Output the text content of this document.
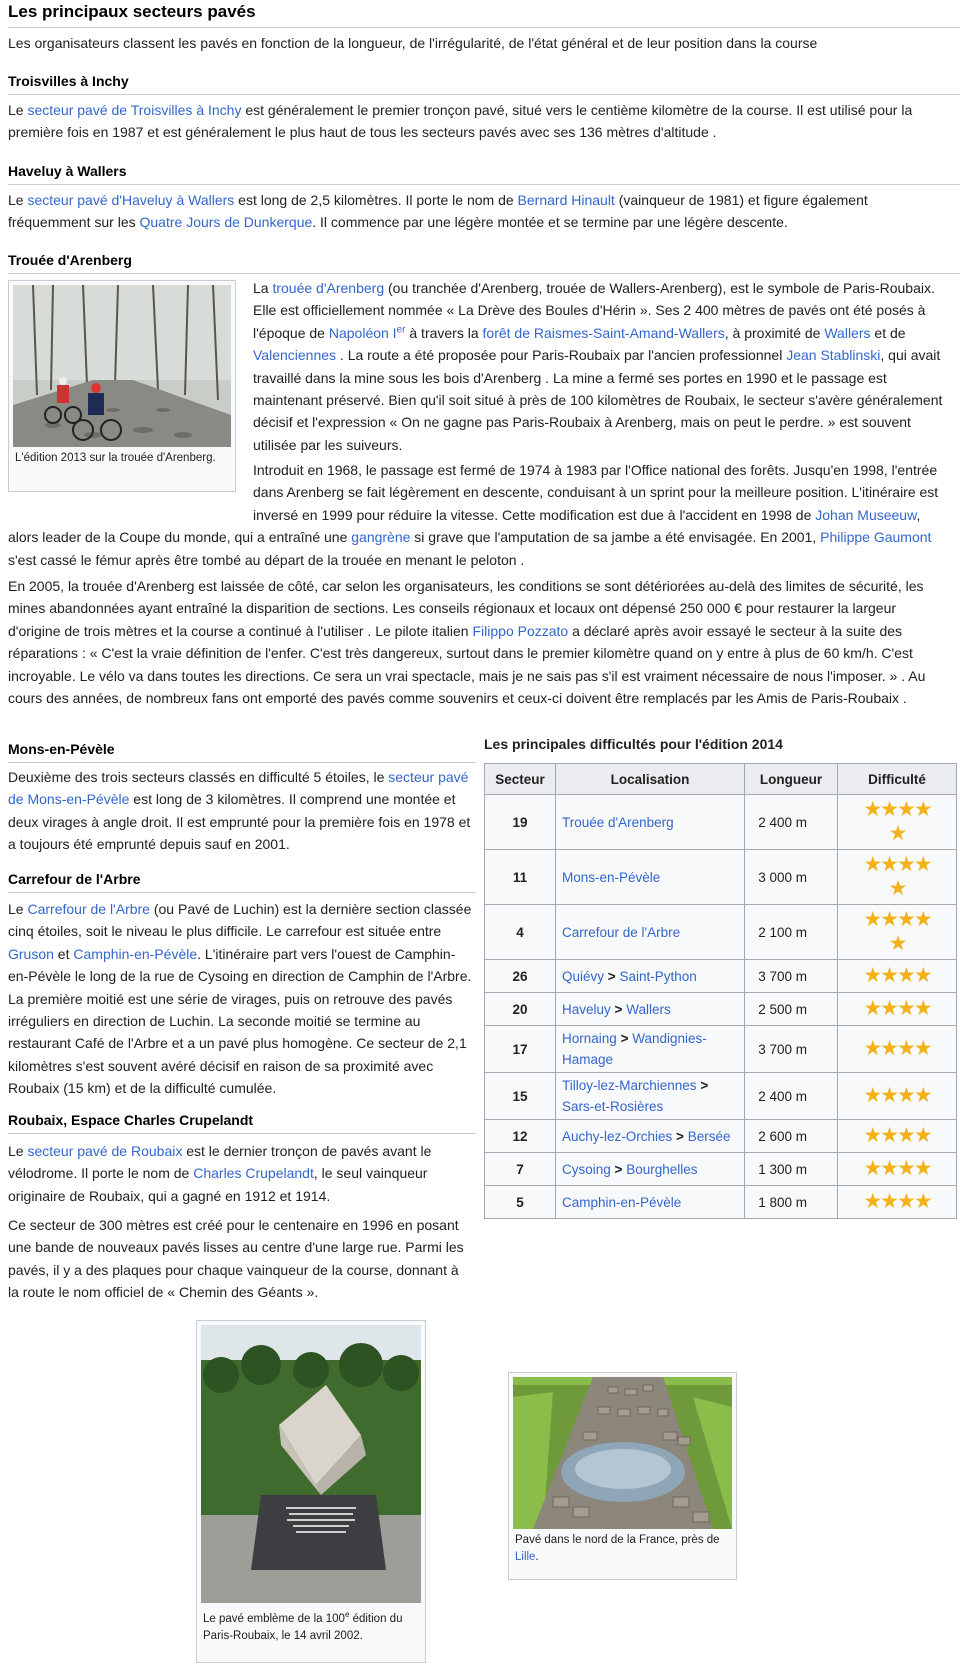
Les principaux secteurs pavés

Les organisateurs classent les pavés en fonction de la longueur, de l'irrégularité, de l'état général et de leur position dans la course

Troisvilles à Inchy

Le secteur pavé de Troisvilles à Inchy est généralement le premier tronçon pavé, situé vers le centième kilomètre de la course. Il est utilisé pour la première fois en 1987 et est généralement le plus haut de tous les secteurs pavés avec ses 136 mètres d'altitude .

Haveluy à Wallers

Le secteur pavé d'Haveluy à Wallers est long de 2,5 kilomètres. Il porte le nom de Bernard Hinault (vainqueur de 1981) et figure également fréquemment sur les Quatre Jours de Dunkerque. Il commence par une légère montée et se termine par une légère descente.

Trouée d'Arenberg
L'édition 2013 sur la trouée d'Arenberg.

La trouée d'Arenberg (ou tranchée d'Arenberg, trouée de Wallers-Arenberg), est le symbole de Paris-Roubaix. Elle est officiellement nommée « La Drève des Boules d'Hérin ». Ses 2 400 mètres de pavés ont été posés à l'époque de Napoléon Ier à travers la forêt de Raismes-Saint-Amand-Wallers, à proximité de Wallers et de Valenciennes . La route a été proposée pour Paris-Roubaix par l'ancien professionnel Jean Stablinski, qui avait travaillé dans la mine sous les bois d'Arenberg . La mine a fermé ses portes en 1990 et le passage est maintenant préservé. Bien qu'il soit situé à près de 100 kilomètres de Roubaix, le secteur s'avère généralement décisif et l'expression « On ne gagne pas Paris-Roubaix à Arenberg, mais on peut le perdre. » est souvent utilisée par les suiveurs.

Introduit en 1968, le passage est fermé de 1974 à 1983 par l'Office national des forêts. Jusqu'en 1998, l'entrée dans Arenberg se fait légèrement en descente, conduisant à un sprint pour la meilleure position. L'itinéraire est inversé en 1999 pour réduire la vitesse. Cette modification est due à l'accident en 1998 de Johan Museeuw, alors leader de la Coupe du monde, qui a entraîné une gangrène si grave que l'amputation de sa jambe a été envisagée. En 2001, Philippe Gaumont s'est cassé le fémur après être tombé au départ de la trouée en menant le peloton .

En 2005, la trouée d'Arenberg est laissée de côté, car selon les organisateurs, les conditions se sont détériorées au-delà des limites de sécurité, les mines abandonnées ayant entraîné la disparition de sections. Les conseils régionaux et locaux ont dépensé 250 000 € pour restaurer la largeur d'origine de trois mètres et la course a continué à l'utiliser . Le pilote italien Filippo Pozzato a déclaré après avoir essayé le secteur à la suite des réparations : « C'est la vraie définition de l'enfer. C'est très dangereux, surtout dans le premier kilomètre quand on y entre à plus de 60 km/h. C'est incroyable. Le vélo va dans toutes les directions. Ce sera un vrai spectacle, mais je ne sais pas s'il est vraiment nécessaire de nous l'imposer. » . Au cours des années, de nombreux fans ont emporté des pavés comme souvenirs et ceux-ci doivent être remplacés par les Amis de Paris-Roubaix .

Mons-en-Pévèle

Deuxième des trois secteurs classés en difficulté 5 étoiles, le secteur pavé de Mons-en-Pévèle est long de 3 kilomètres. Il comprend une montée et deux virages à angle droit. Il est emprunté pour la première fois en 1978 et a toujours été emprunté depuis sauf en 2001.

Carrefour de l'Arbre

Le Carrefour de l'Arbre (ou Pavé de Luchin) est la dernière section classée cinq étoiles, soit le niveau le plus difficile. Le carrefour est située entre Gruson et Camphin-en-Pévèle. L'itinéraire part vers l'ouest de Camphin-en-Pévèle le long de la rue de Cysoing en direction de Camphin de l'Arbre. La première moitié est une série de virages, puis on retrouve des pavés irréguliers en direction de Luchin. La seconde moitié se termine au restaurant Café de l'Arbre et a un pavé plus homogène. Ce secteur de 2,1 kilomètres s'est souvent avéré décisif en raison de sa proximité avec Roubaix (15 km) et de la difficulté cumulée.

Roubaix, Espace Charles Crupelandt

Le secteur pavé de Roubaix est le dernier tronçon de pavés avant le vélodrome. Il porte le nom de Charles Crupelandt, le seul vainqueur originaire de Roubaix, qui a gagné en 1912 et 1914.

Ce secteur de 300 mètres est créé pour le centenaire en 1996 en posant une bande de nouveaux pavés lisses au centre d'une large rue. Parmi les pavés, il y a des plaques pour chaque vainqueur de la course, donnant à la route le nom officiel de « Chemin des Géants ».

Les principales difficultés pour l'édition 2014
Secteur	Localisation	Longueur	Difficulté
19	Trouée d'Arenberg	2 400 m	★★★★
★
11	Mons-en-Pévèle	3 000 m	★★★★
★
4	Carrefour de l'Arbre	2 100 m	★★★★
★
26	Quiévy > Saint-Python	3 700 m	★★★★
20	Haveluy > Wallers	2 500 m	★★★★
17	Hornaing > Wandignies-Hamage	3 700 m	★★★★
15	Tilloy-lez-Marchiennes > Sars-et-Rosières	2 400 m	★★★★
12	Auchy-lez-Orchies > Bersée	2 600 m	★★★★
7	Cysoing > Bourghelles	1 300 m	★★★★
5	Camphin-en-Pévèle	1 800 m	★★★★
Le pavé emblème de la 100e édition du Paris-Roubaix, le 14 avril 2002.
Pavé dans le nord de la France, près de Lille.
